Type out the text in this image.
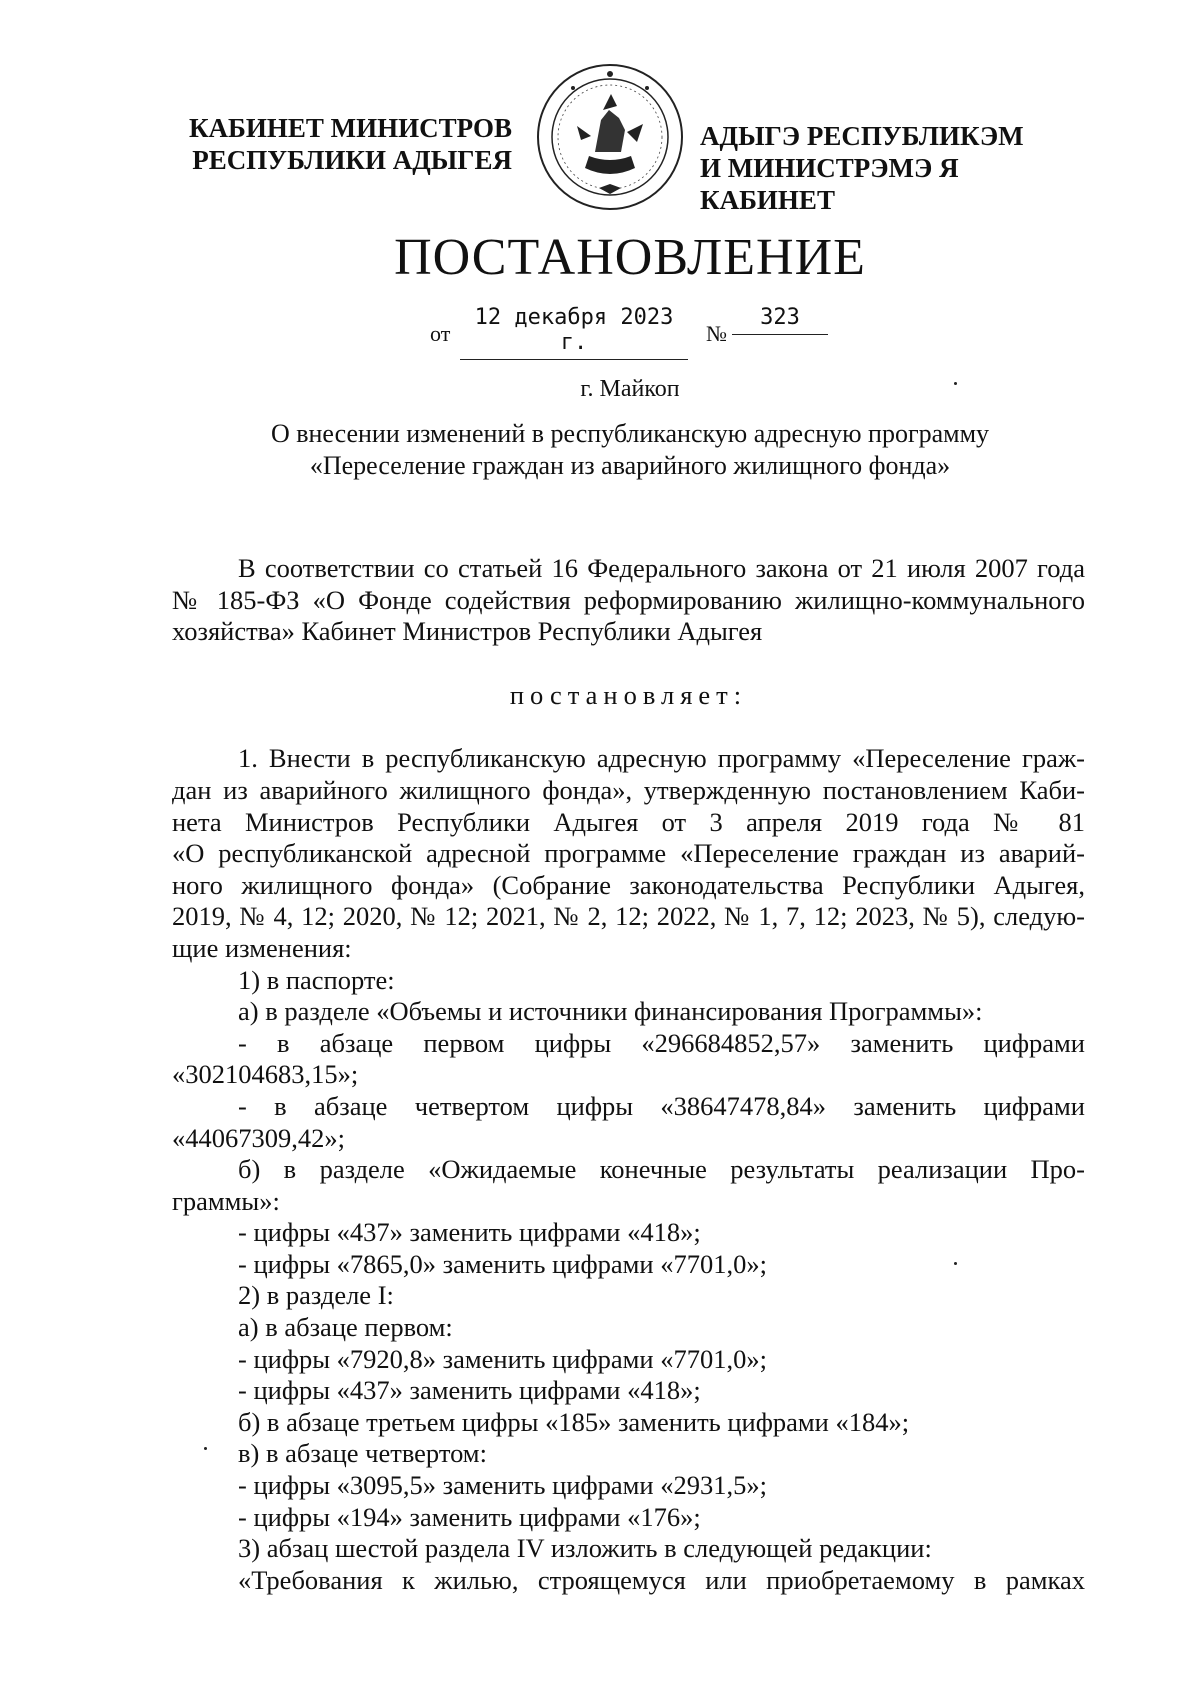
КАБИНЕТ МИНИСТРОВ
РЕСПУБЛИКИ АДЫГЕЯ
АДЫГЭ РЕСПУБЛИКЭМ
И МИНИСТРЭМЭ Я КАБИНЕТ
ПОСТАНОВЛЕНИЕ
от
12 декабря 2023 г.	№
323
г. Майкоп
О внесении изменений в республиканскую адресную программу
«Переселение граждан из аварийного жилищного фонда»

В соответствии со статьей 16 Федерального закона от 21 июля 2007 года

№ 185-ФЗ «О Фонде содействия реформированию жилищно-коммунального

хозяйства» Кабинет Министров Республики Адыгея

постановляет:

1. Внести в республиканскую адресную программу «Переселение граж-

дан из аварийного жилищного фонда», утвержденную постановлением Каби-

нета Министров Республики Адыгея от 3 апреля 2019 года № 81

«О республиканской адресной программе «Переселение граждан из аварий-

ного жилищного фонда» (Собрание законодательства Республики Адыгея,

2019, № 4, 12; 2020, № 12; 2021, № 2, 12; 2022, № 1, 7, 12; 2023, № 5), следую-

щие изменения:

1) в паспорте:

а) в разделе «Объемы и источники финансирования Программы»:

- в абзаце первом цифры «296684852,57» заменить цифрами

«302104683,15»;

- в абзаце четвертом цифры «38647478,84» заменить цифрами

«44067309,42»;

б) в разделе «Ожидаемые конечные результаты реализации Про-

граммы»:

- цифры «437» заменить цифрами «418»;

- цифры «7865,0» заменить цифрами «7701,0»;

2) в разделе I:

а) в абзаце первом:

- цифры «7920,8» заменить цифрами «7701,0»;

- цифры «437» заменить цифрами «418»;

б) в абзаце третьем цифры «185» заменить цифрами «184»;

в) в абзаце четвертом:

- цифры «3095,5» заменить цифрами «2931,5»;

- цифры «194» заменить цифрами «176»;

3) абзац шестой раздела IV изложить в следующей редакции:

«Требования к жилью, строящемуся или приобретаемому в рамках
